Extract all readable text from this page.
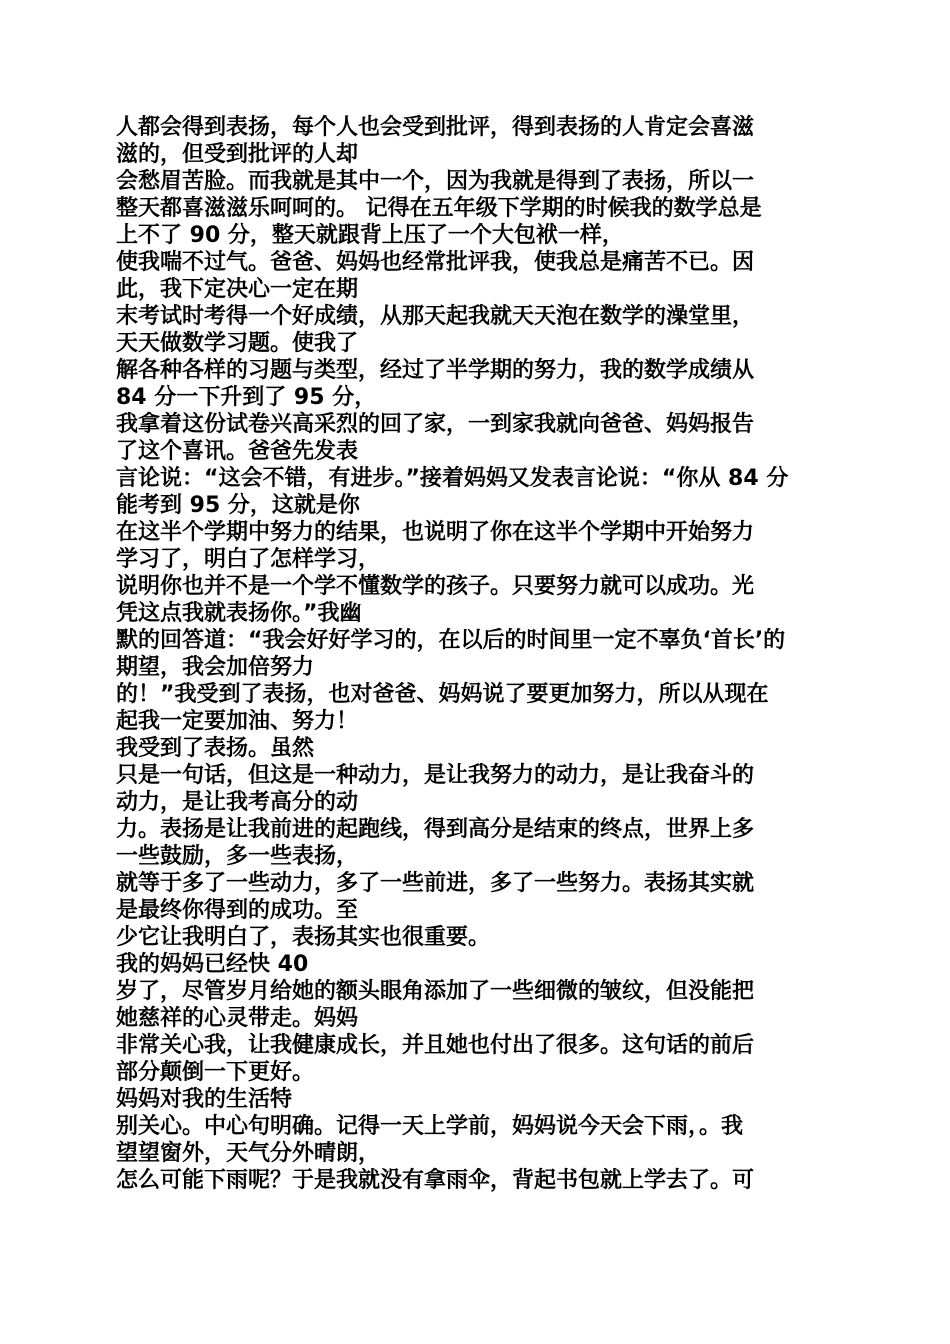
人都会得到表扬，每个人也会受到批评，得到表扬的人肯定会喜滋
滋的，但受到批评的人却
会愁眉苦脸。而我就是其中一个，因为我就是得到了表扬，所以一
整天都喜滋滋乐呵呵的。 记得在五年级下学期的时候我的数学总是
上不了 90 分，整天就跟背上压了一个大包袱一样，
使我喘不过气。爸爸、妈妈也经常批评我，使我总是痛苦不已。因
此，我下定决心一定在期
末考试时考得一个好成绩，从那天起我就天天泡在数学的澡堂里，
天天做数学习题。使我了
解各种各样的习题与类型，经过了半学期的努力，我的数学成绩从
84 分一下升到了 95 分，
我拿着这份试卷兴高采烈的回了家，一到家我就向爸爸、妈妈报告
了这个喜讯。爸爸先发表
言论说：“这会不错，有进步。”接着妈妈又发表言论说：“你从 84 分
能考到 95 分，这就是你
在这半个学期中努力的结果，也说明了你在这半个学期中开始努力
学习了，明白了怎样学习，
说明你也并不是一个学不懂数学的孩子。只要努力就可以成功。光
凭这点我就表扬你。”我幽
默的回答道：“我会好好学习的，在以后的时间里一定不辜负‘首长’的
期望，我会加倍努力
的！”我受到了表扬，也对爸爸、妈妈说了要更加努力，所以从现在
起我一定要加油、努力！
我受到了表扬。虽然
只是一句话，但这是一种动力，是让我努力的动力，是让我奋斗的
动力，是让我考高分的动
力。表扬是让我前进的起跑线，得到高分是结束的终点，世界上多
一些鼓励，多一些表扬，
就等于多了一些动力，多了一些前进，多了一些努力。表扬其实就
是最终你得到的成功。至
少它让我明白了，表扬其实也很重要。
我的妈妈已经快 40
岁了，尽管岁月给她的额头眼角添加了一些细微的皱纹，但没能把
她慈祥的心灵带走。妈妈
非常关心我，让我健康成长，并且她也付出了很多。这句话的前后
部分颠倒一下更好。
妈妈对我的生活特
别关心。中心句明确。记得一天上学前，妈妈说今天会下雨，。我
望望窗外，天气分外晴朗，
怎么可能下雨呢？于是我就没有拿雨伞，背起书包就上学去了。可
